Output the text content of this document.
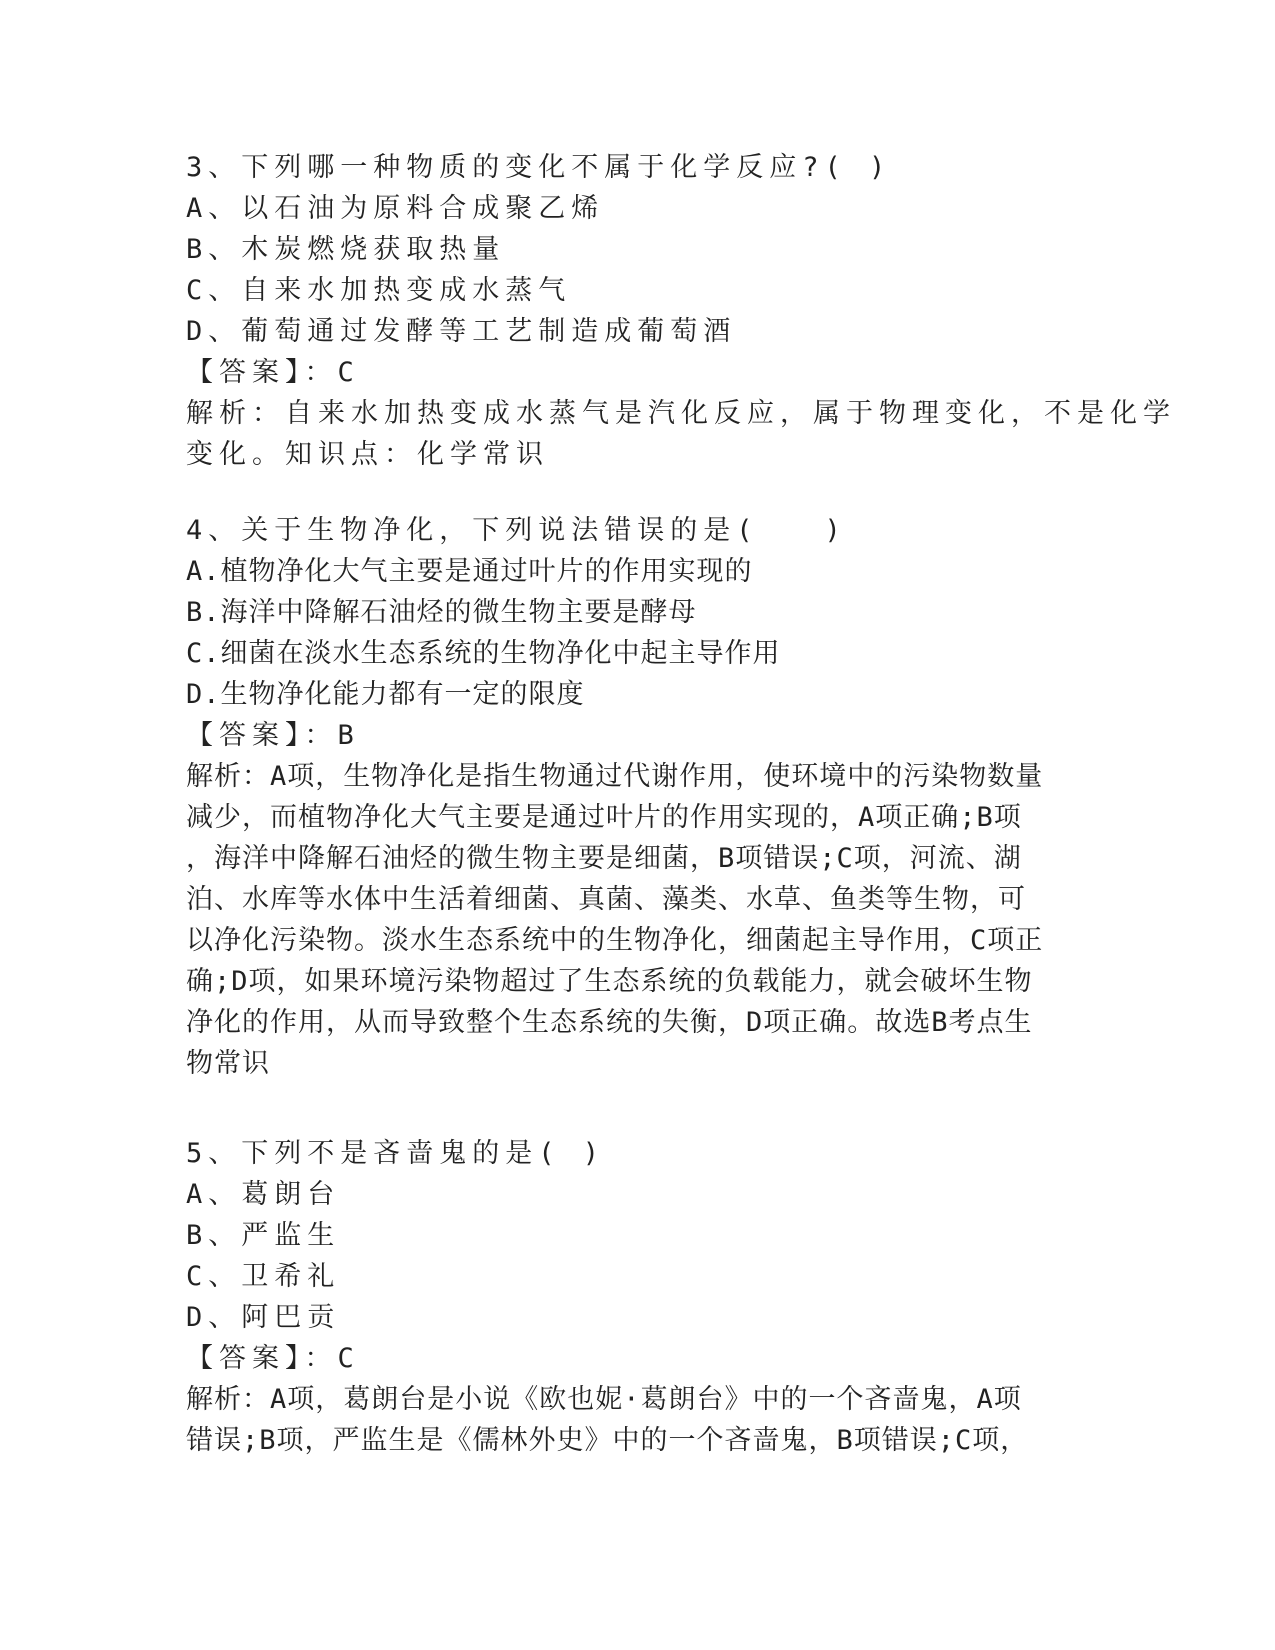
3、下列哪一种物质的变化不属于化学反应?( )
A、以石油为原料合成聚乙烯
B、木炭燃烧获取热量
C、自来水加热变成水蒸气
D、葡萄通过发酵等工艺制造成葡萄酒
【答案】：C
解析：自来水加热变成水蒸气是汽化反应，属于物理变化，不是化学
变化。知识点：化学常识
4、关于生物净化，下列说法错误的是(　　)
A.植物净化大气主要是通过叶片的作用实现的
B.海洋中降解石油烃的微生物主要是酵母
C.细菌在淡水生态系统的生物净化中起主导作用
D.生物净化能力都有一定的限度
【答案】：B
解析：A项，生物净化是指生物通过代谢作用，使环境中的污染物数量
减少，而植物净化大气主要是通过叶片的作用实现的，A项正确;B项
，海洋中降解石油烃的微生物主要是细菌，B项错误;C项，河流、湖
泊、水库等水体中生活着细菌、真菌、藻类、水草、鱼类等生物，可
以净化污染物。淡水生态系统中的生物净化，细菌起主导作用，C项正
确;D项，如果环境污染物超过了生态系统的负载能力，就会破坏生物
净化的作用，从而导致整个生态系统的失衡，D项正确。故选B考点生
物常识
5、下列不是吝啬鬼的是( )
A、葛朗台
B、严监生
C、卫希礼
D、阿巴贡
【答案】：C
解析：A项，葛朗台是小说《欧也妮·葛朗台》中的一个吝啬鬼，A项
错误;B项，严监生是《儒林外史》中的一个吝啬鬼，B项错误;C项，
